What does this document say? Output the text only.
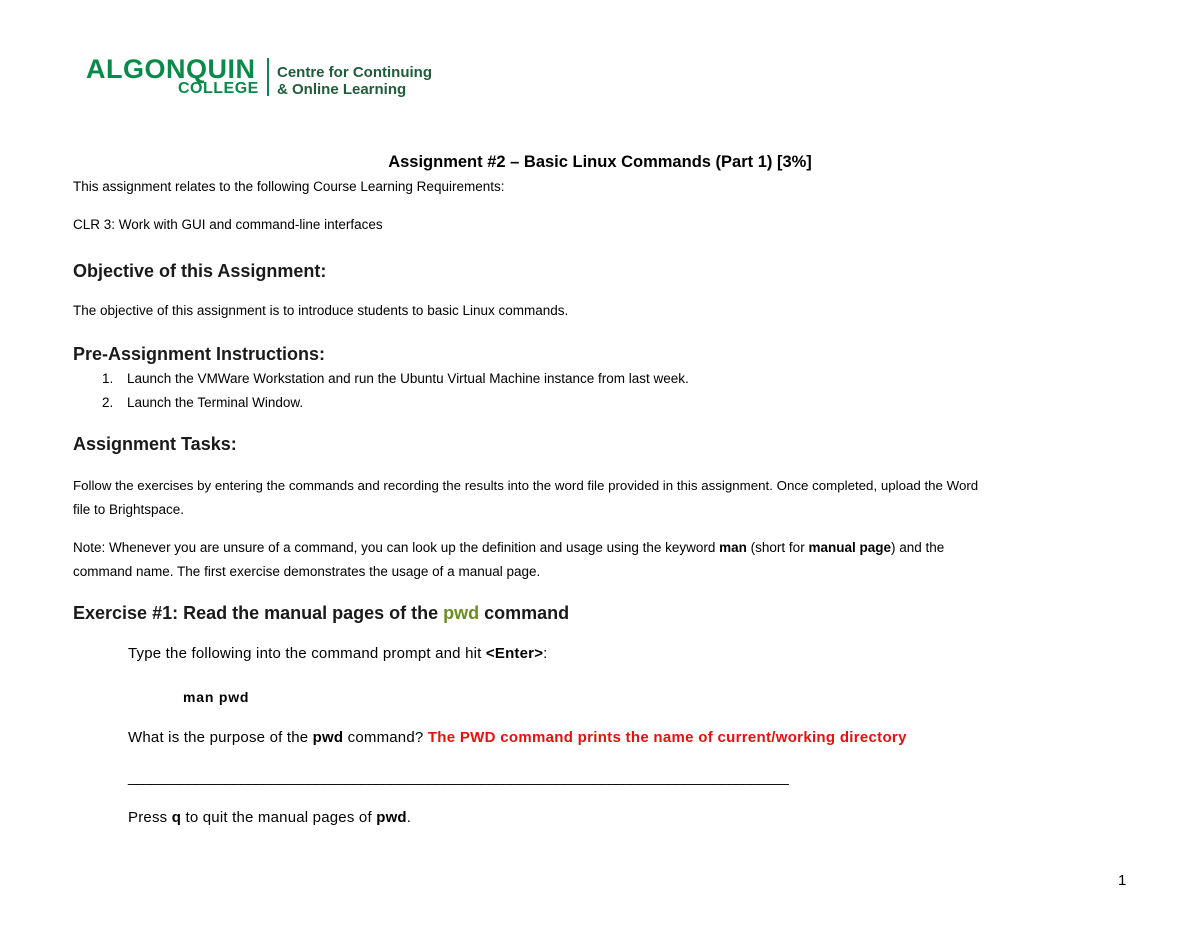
ALGONQUIN
COLLEGE
Centre for Continuing
& Online Learning
Assignment #2 – Basic Linux Commands (Part 1) [3%]
This assignment relates to the following Course Learning Requirements:
CLR 3: Work with GUI and command-line interfaces
Objective of this Assignment:
The objective of this assignment is to introduce students to basic Linux commands.
Pre-Assignment Instructions:
1. Launch the VMWare Workstation and run the Ubuntu Virtual Machine instance from last week.
2. Launch the Terminal Window.
Assignment Tasks:
Follow the exercises by entering the commands and recording the results into the word file provided in this assignment. Once completed, upload the Word
file to Brightspace.
Note: Whenever you are unsure of a command, you can look up the definition and usage using the keyword man (short for manual page) and the
command name. The first exercise demonstrates the usage of a manual page.
Exercise #1: Read the manual pages of the pwd command
Type the following into the command prompt and hit <Enter>:
man pwd
What is the purpose of the pwd command? The PWD command prints the name of current/working directory
________________________________________________________________________________________
Press q to quit the manual pages of pwd.
1
